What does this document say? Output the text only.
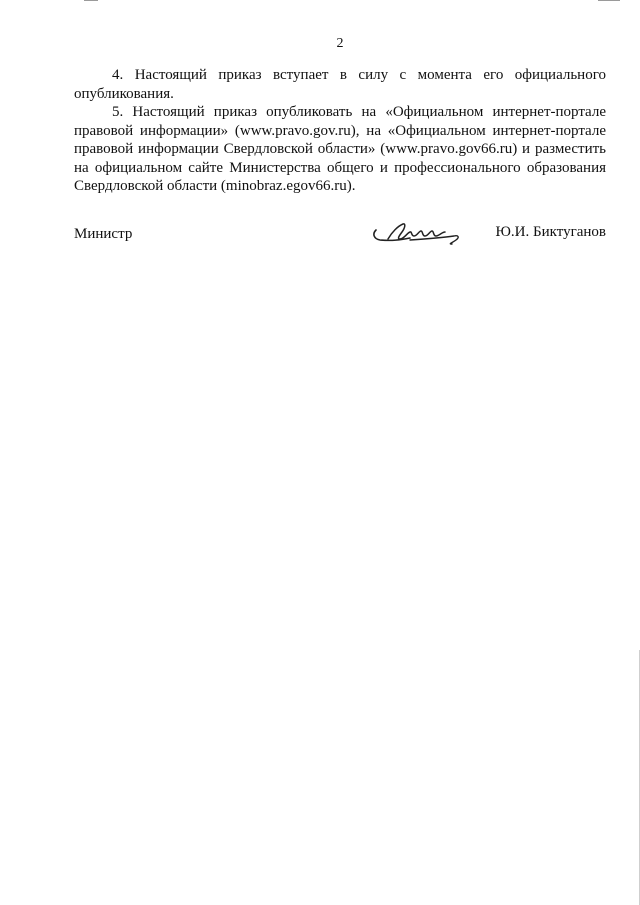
2

4. Настоящий приказ вступает в силу с момента его официального опубликования.

5. Настоящий приказ опубликовать на «Официальном интернет-портале правовой информации» (www.pravo.gov.ru), на «Официальном интернет-портале правовой информации Свердловской области» (www.pravo.gov66.ru) и разместить на официальном сайте Министерства общего и профессионального образования Свердловской области (minobraz.egov66.ru).

Министр	Ю.И. Биктуганов
